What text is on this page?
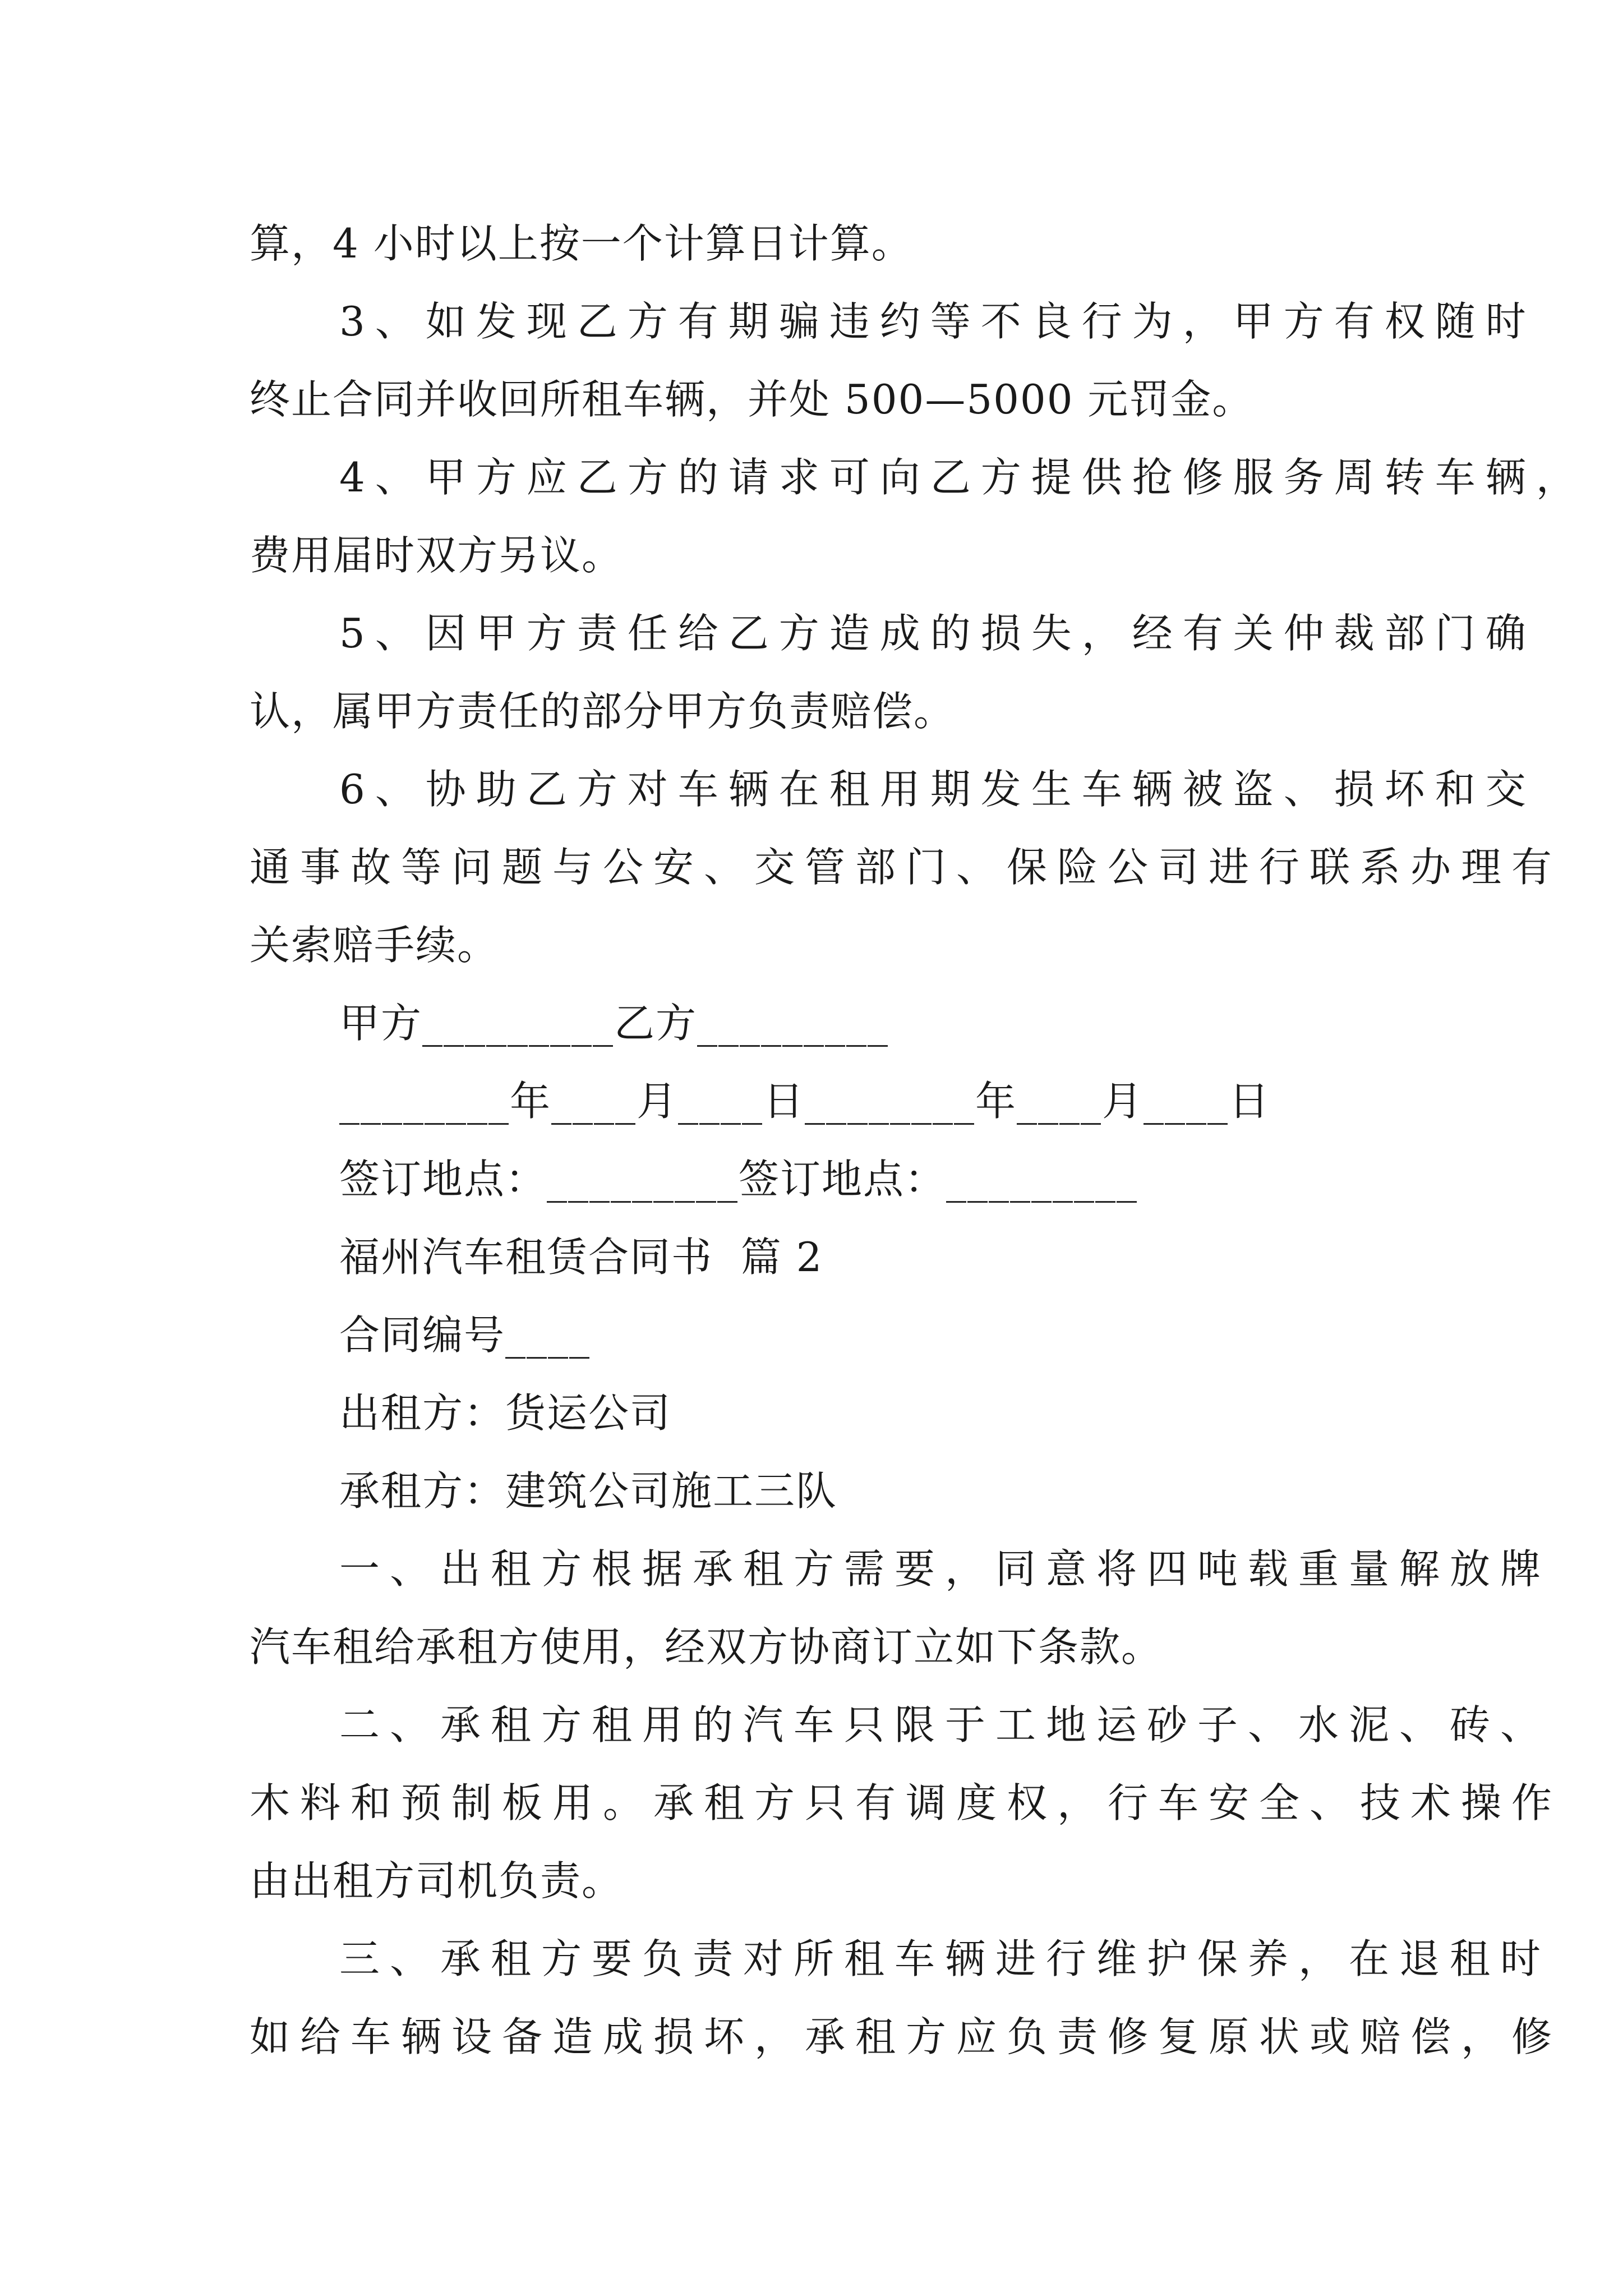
算，4 小时以上按一个计算日计算。
3、如发现乙方有期骗违约等不良行为，甲方有权随时
终止合同并收回所租车辆，并处 500—5000 元罚金。
4、甲方应乙方的请求可向乙方提供抢修服务周转车辆，
费用届时双方另议。
5、因甲方责任给乙方造成的损失，经有关仲裁部门确
认，属甲方责任的部分甲方负责赔偿。
6、协助乙方对车辆在租用期发生车辆被盗、损坏和交
通事故等问题与公安、交管部门、保险公司进行联系办理有
关索赔手续。
甲方_________乙方_________
________年____月____日________年____月____日
签订地点：_________签订地点：_________
福州汽车租赁合同书  篇 2
合同编号____
出租方：货运公司
承租方：建筑公司施工三队
一、出租方根据承租方需要，同意将四吨载重量解放牌
汽车租给承租方使用，经双方协商订立如下条款。
二、承租方租用的汽车只限于工地运砂子、水泥、砖、
木料和预制板用。承租方只有调度权，行车安全、技术操作
由出租方司机负责。
三、承租方要负责对所租车辆进行维护保养，在退租时
如给车辆设备造成损坏，承租方应负责修复原状或赔偿，修
